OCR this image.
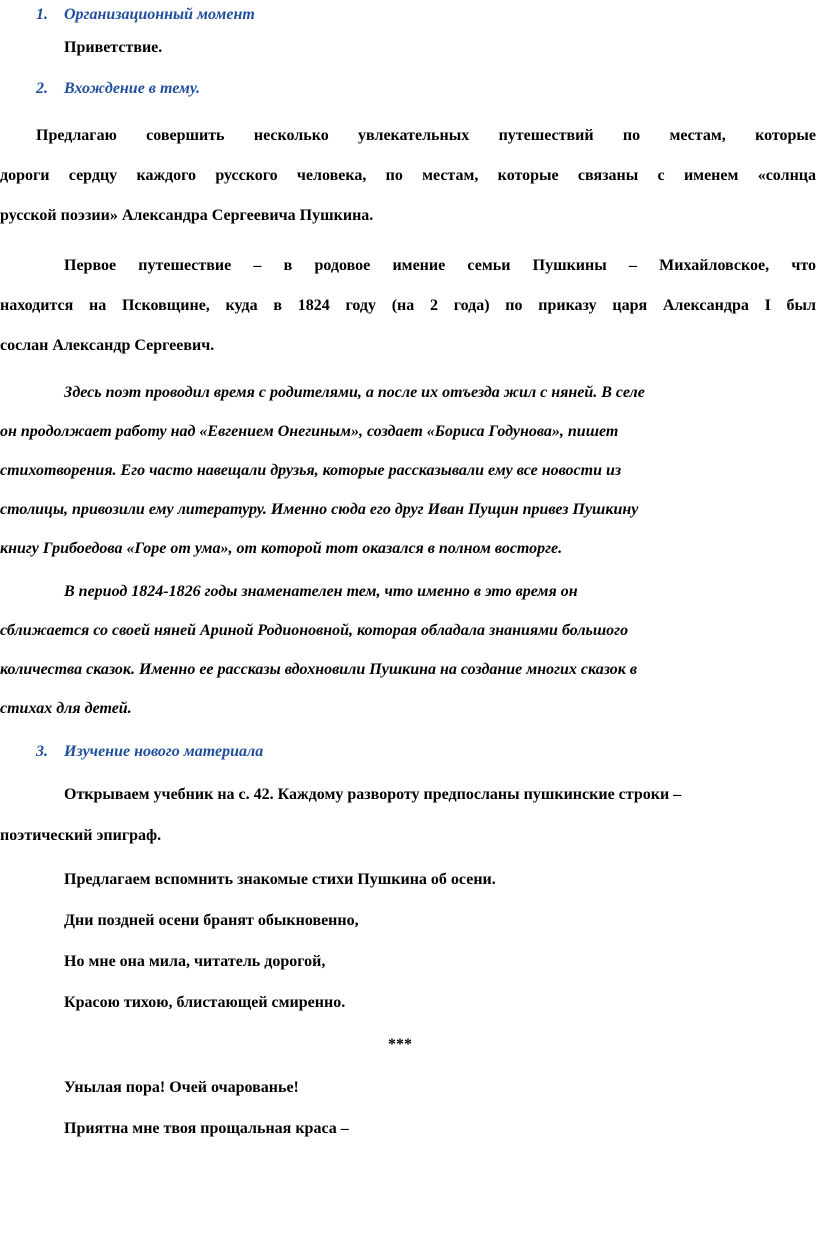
1. Организационный момент
Приветствие.
2. Вхождение в тему.
Предлагаю совершить несколько увлекательных путешествий по местам, которые
дороги сердцу каждого русского человека, по местам, которые связаны с именем «солнца
русской поэзии» Александра Сергеевича Пушкина.
Первое путешествие – в родовое имение семьи Пушкины – Михайловское, что
находится на Псковщине, куда в 1824 году (на 2 года) по приказу царя Александра I был
сослан Александр Сергеевич.
Здесь поэт проводил время с родителями, а после их отъезда жил с няней. В селе
он продолжает работу над «Евгением Онегиным», создает «Бориса Годунова», пишет
стихотворения. Его часто навещали друзья, которые рассказывали ему все новости из
столицы, привозили ему литературу. Именно сюда его друг Иван Пущин привез Пушкину
книгу Грибоедова «Горе от ума», от которой тот оказался в полном восторге.
В период 1824-1826 годы знаменателен тем, что именно в это время он
сближается со своей няней Ариной Родионовной, которая обладала знаниями большого
количества сказок. Именно ее рассказы вдохновили Пушкина на создание многих сказок в
стихах для детей.
3. Изучение нового материала
Открываем учебник на с. 42. Каждому развороту предпосланы пушкинские строки –
поэтический эпиграф.
Предлагаем вспомнить знакомые стихи Пушкина об осени.
Дни поздней осени бранят обыкновенно,
Но мне она мила, читатель дорогой,
Красою тихою, блистающей смиренно.
***
Унылая пора! Очей очарованье!
Приятна мне твоя прощальная краса –
